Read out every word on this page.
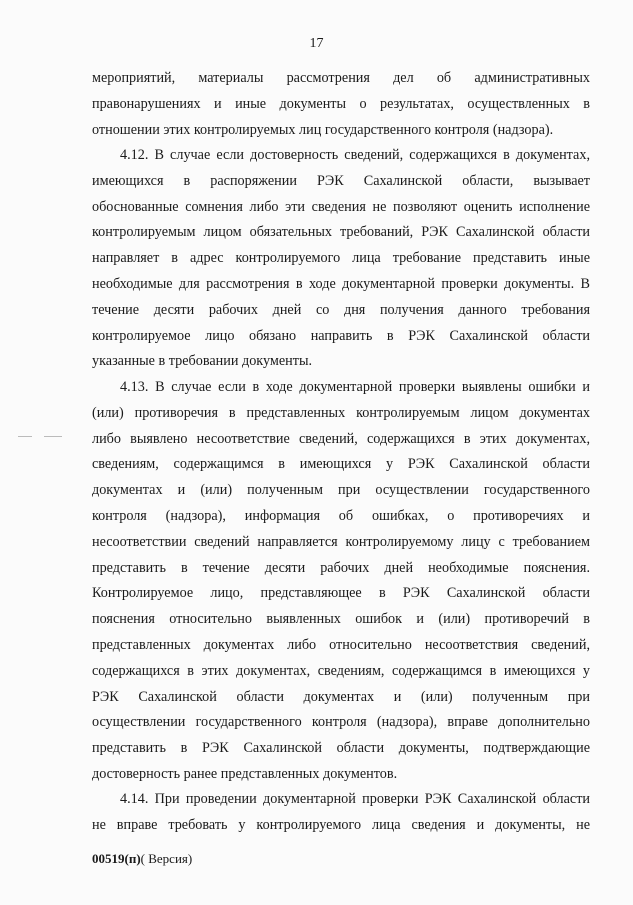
17
мероприятий, материалы рассмотрения дел об административных
правонарушениях и иные документы о результатах, осуществленных в
отношении этих контролируемых лиц государственного контроля (надзора).
4.12. В случае если достоверность сведений, содержащихся в документах,
имеющихся в распоряжении РЭК Сахалинской области, вызывает
обоснованные сомнения либо эти сведения не позволяют оценить исполнение
контролируемым лицом обязательных требований, РЭК Сахалинской области
направляет в адрес контролируемого лица требование представить иные
необходимые для рассмотрения в ходе документарной проверки документы. В
течение десяти рабочих дней со дня получения данного требования
контролируемое лицо обязано направить в РЭК Сахалинской области
указанные в требовании документы.
4.13. В случае если в ходе документарной проверки выявлены ошибки и
(или) противоречия в представленных контролируемым лицом документах
либо выявлено несоответствие сведений, содержащихся в этих документах,
сведениям, содержащимся в имеющихся у РЭК Сахалинской области
документах и (или) полученным при осуществлении государственного
контроля (надзора), информация об ошибках, о противоречиях и
несоответствии сведений направляется контролируемому лицу с требованием
представить в течение десяти рабочих дней необходимые пояснения.
Контролируемое лицо, представляющее в РЭК Сахалинской области
пояснения относительно выявленных ошибок и (или) противоречий в
представленных документах либо относительно несоответствия сведений,
содержащихся в этих документах, сведениям, содержащимся в имеющихся у
РЭК Сахалинской области документах и (или) полученным при
осуществлении государственного контроля (надзора), вправе дополнительно
представить в РЭК Сахалинской области документы, подтверждающие
достоверность ранее представленных документов.
4.14. При проведении документарной проверки РЭК Сахалинской области
не вправе требовать у контролируемого лица сведения и документы, не
00519(п)( Версия)
